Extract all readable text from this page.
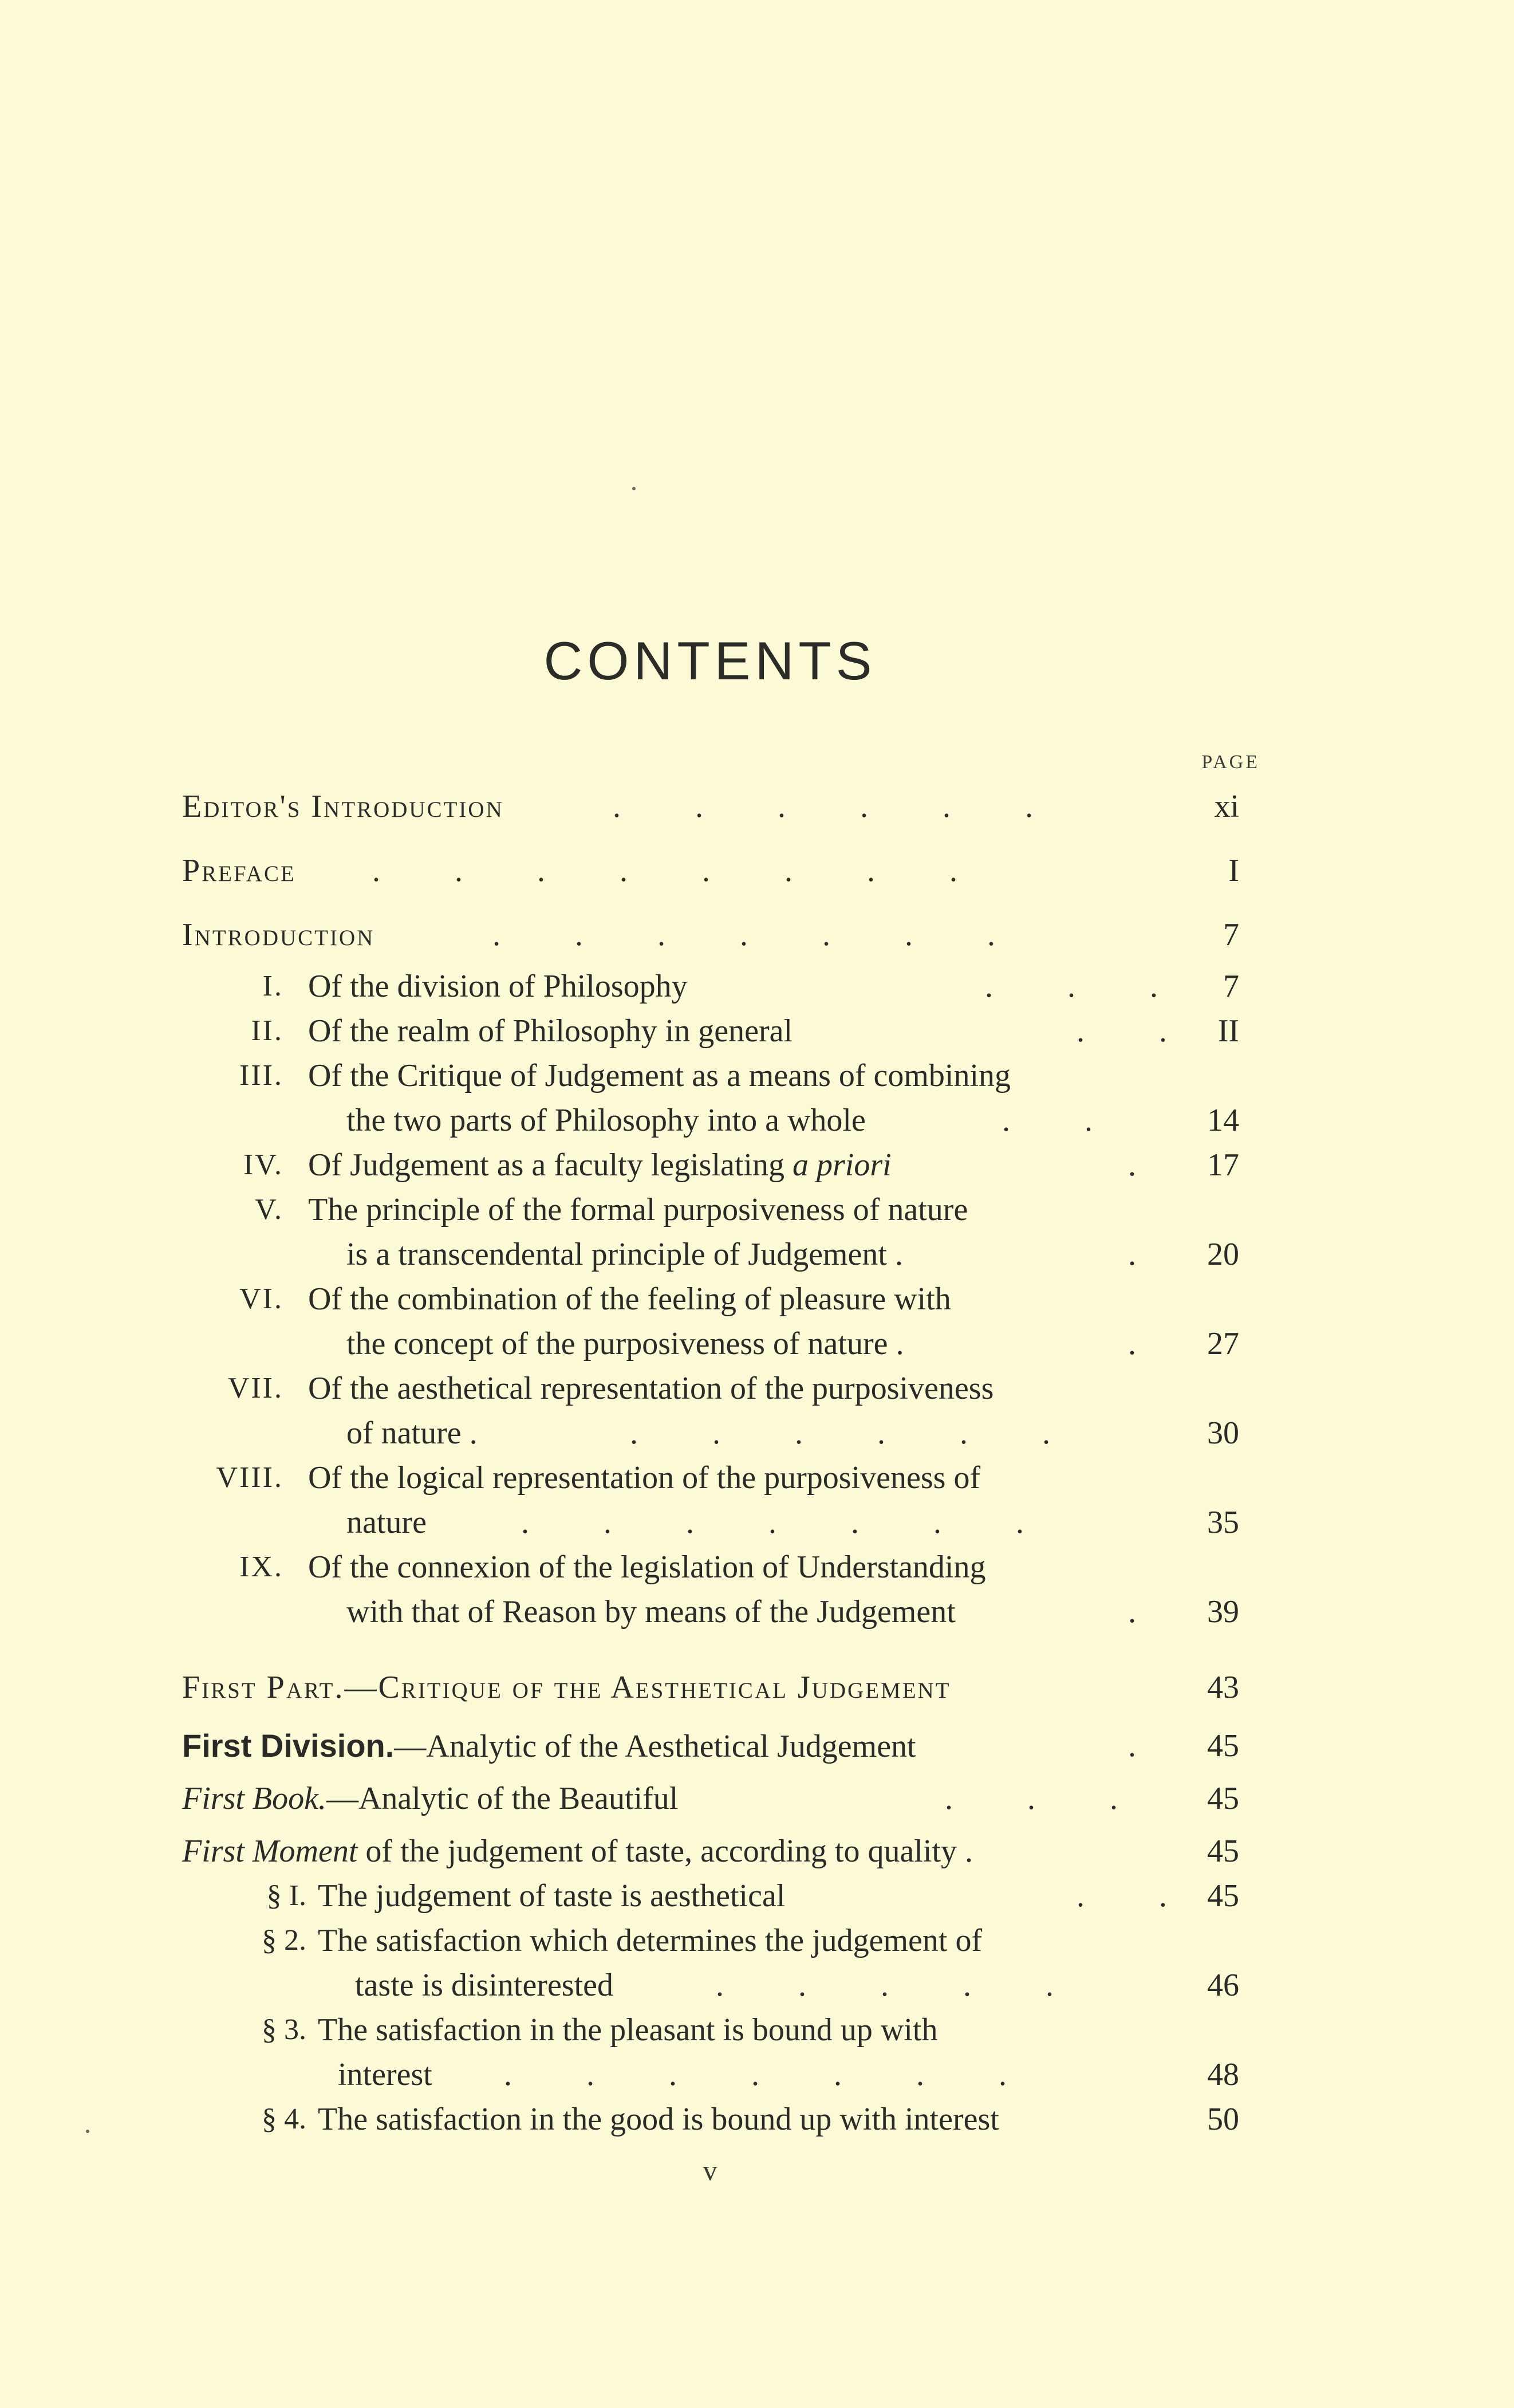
CONTENTS
PAGE
Editor's Introduction	. . . . . .	xi
Preface . . . . . . . .	I
Introduction	. . . . . . .	7
I. Of the division of Philosophy	. . .	7
II. Of the realm of Philosophy in general	. . II
III. Of the Critique of Judgement as a means of combining
the two parts of Philosophy into a whole	. .	14
IV. Of Judgement as a faculty legislating a priori	.	17
V. The principle of the formal purposiveness of nature
is a transcendental principle of Judgement .	.	20
VI. Of the combination of the feeling of pleasure with
the concept of the purposiveness of nature .	.	27
VII. Of the aesthetical representation of the purposiveness
of nature .	. . . . . .	30
VIII. Of the logical representation of the purposiveness of
nature	. . . . . . .	35
IX. Of the connexion of the legislation of Understanding
with that of Reason by means of the Judgement	.	39
First Part.—Critique of the Aesthetical Judgement	43
First Division.—Analytic of the Aesthetical Judgement	.	45
First Book.—Analytic of the Beautiful	. . .	45
First Moment of the judgement of taste, according to quality .	45
§ I. The judgement of taste is aesthetical	. . 45
§ 2. The satisfaction which determines the judgement of
taste is disinterested	. . . . .	46
§ 3. The satisfaction in the pleasant is bound up with
interest . . . . . . .	48
§ 4. The satisfaction in the good is bound up with interest	50
v
